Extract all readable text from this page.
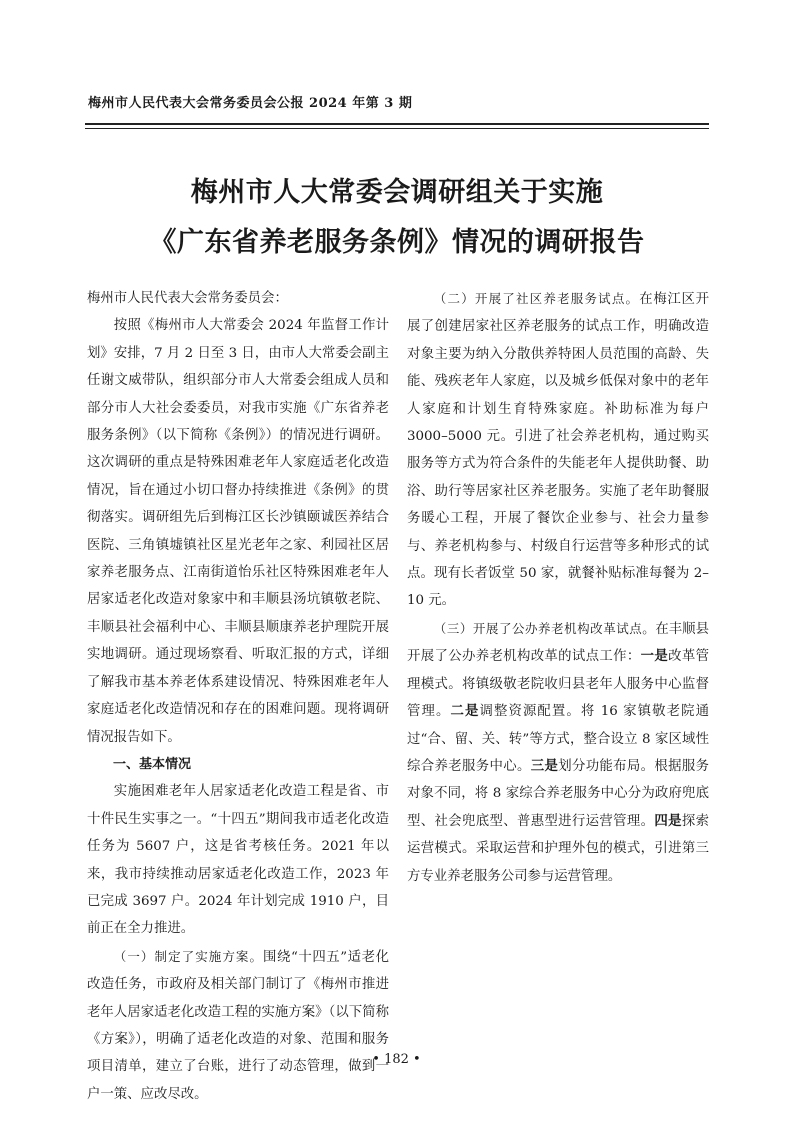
梅州市人民代表大会常务委员会公报 2024 年第 3 期
梅州市人大常委会调研组关于实施
《广东省养老服务条例》情况的调研报告

梅州市人民代表大会常务委员会：

按照《梅州市人大常委会 2024 年监督工作计划》安排，7 月 2 日至 3 日，由市人大常委会副主任谢文威带队，组织部分市人大常委会组成人员和部分市人大社会委委员，对我市实施《广东省养老服务条例》（以下简称《条例》）的情况进行调研。这次调研的重点是特殊困难老年人家庭适老化改造情况，旨在通过小切口督办持续推进《条例》的贯彻落实。调研组先后到梅江区长沙镇颐诚医养结合医院、三角镇墟镇社区星光老年之家、利园社区居家养老服务点、江南街道怡乐社区特殊困难老年人居家适老化改造对象家中和丰顺县汤坑镇敬老院、丰顺县社会福利中心、丰顺县顺康养老护理院开展实地调研。通过现场察看、听取汇报的方式，详细了解我市基本养老体系建设情况、特殊困难老年人家庭适老化改造情况和存在的困难问题。现将调研情况报告如下。

一、基本情况

实施困难老年人居家适老化改造工程是省、市十件民生实事之一。“十四五”期间我市适老化改造任务为 5607 户，这是省考核任务。2021 年以来，我市持续推动居家适老化改造工作，2023 年已完成 3697 户。2024 年计划完成 1910 户，目前正在全力推进。

（一）制定了实施方案。围绕“十四五”适老化改造任务，市政府及相关部门制订了《梅州市推进老年人居家适老化改造工程的实施方案》（以下简称《方案》），明确了适老化改造的对象、范围和服务项目清单，建立了台账，进行了动态管理，做到一户一策、应改尽改。

（二）开展了社区养老服务试点。在梅江区开展了创建居家社区养老服务的试点工作，明确改造对象主要为纳入分散供养特困人员范围的高龄、失能、残疾老年人家庭，以及城乡低保对象中的老年人家庭和计划生育特殊家庭。补助标准为每户 3000–5000 元。引进了社会养老机构，通过购买服务等方式为符合条件的失能老年人提供助餐、助浴、助行等居家社区养老服务。实施了老年助餐服务暖心工程，开展了餐饮企业参与、社会力量参与、养老机构参与、村级自行运营等多种形式的试点。现有长者饭堂 50 家，就餐补贴标准每餐为 2–10 元。

（三）开展了公办养老机构改革试点。在丰顺县开展了公办养老机构改革的试点工作：一是改革管理模式。将镇级敬老院收归县老年人服务中心监督管理。二是调整资源配置。将 16 家镇敬老院通过“合、留、关、转”等方式，整合设立 8 家区域性综合养老服务中心。三是划分功能布局。根据服务对象不同，将 8 家综合养老服务中心分为政府兜底型、社会兜底型、普惠型进行运营管理。四是探索运营模式。采取运营和护理外包的模式，引进第三方专业养老服务公司参与运营管理。

• 182 •
